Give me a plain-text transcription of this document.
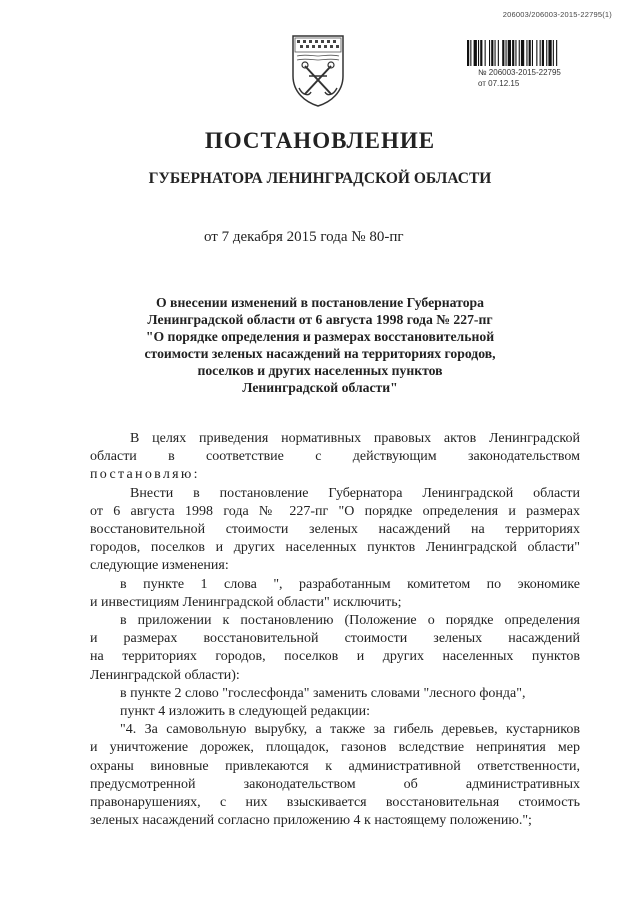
206003/206003-2015-22795(1)
№ 206003-2015-22795
от 07.12.15
ПОСТАНОВЛЕНИЕ
ГУБЕРНАТОРА ЛЕНИНГРАДСКОЙ ОБЛАСТИ
от 7 декабря 2015 года № 80-пг
О внесении изменений в постановление Губернатора
Ленинградской области от 6 августа 1998 года № 227-пг
"О порядке определения и размерах восстановительной
стоимости зеленых насаждений на территориях городов,
поселков и других населенных пунктов
Ленинградской области"
В целях приведения нормативных правовых актов Ленинградской
области в соответствие с действующим законодательством
постановляю:
Внести в постановление Губернатора Ленинградской области
от 6 августа 1998 года № 227-пг "О порядке определения и размерах
восстановительной стоимости зеленых насаждений на территориях
городов, поселков и других населенных пунктов Ленинградской области"
следующие изменения:
в пункте 1 слова ", разработанным комитетом по экономике
и инвестициям Ленинградской области" исключить;
в приложении к постановлению (Положение о порядке определения
и размерах восстановительной стоимости зеленых насаждений
на территориях городов, поселков и других населенных пунктов
Ленинградской области):
в пункте 2 слово "гослесфонда" заменить словами "лесного фонда",
пункт 4 изложить в следующей редакции:
"4. За самовольную вырубку, а также за гибель деревьев, кустарников
и уничтожение дорожек, площадок, газонов вследствие непринятия мер
охраны виновные привлекаются к административной ответственности,
предусмотренной законодательством об административных
правонарушениях, с них взыскивается восстановительная стоимость
зеленых насаждений согласно приложению 4 к настоящему положению.";
